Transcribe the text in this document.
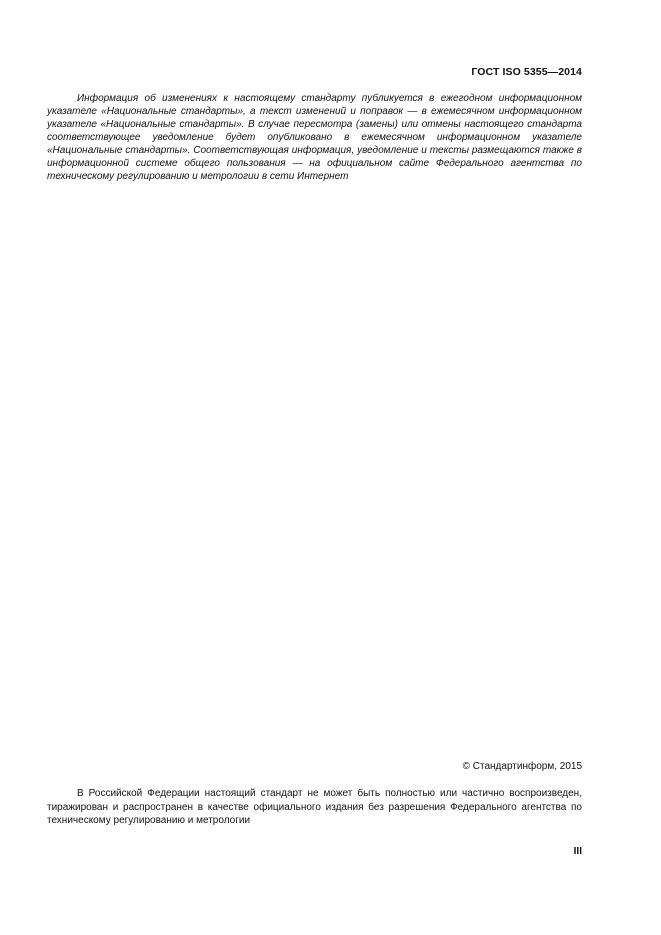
ГОСТ ISO 5355—2014

Информация об изменениях к настоящему стандарту публикуется в ежегодном информационном указателе «Национальные стандарты», а текст изменений и поправок — в ежемесячном информационном указателе «Национальные стандарты». В случае пересмотра (замены) или отмены настоящего стандарта соответствующее уведомление будет опубликовано в ежемесячном информационном указателе «Национальные стандарты». Соответствующая информация, уведомление и тексты размещаются также в информационной системе общего пользования — на официальном сайте Федерального агентства по техническому регулированию и метрологии в сети Интернет

© Стандартинформ, 2015

В Российской Федерации настоящий стандарт не может быть полностью или частично воспроизведен, тиражирован и распространен в качестве официального издания без разрешения Федерального агентства по техническому регулированию и метрологии

III
